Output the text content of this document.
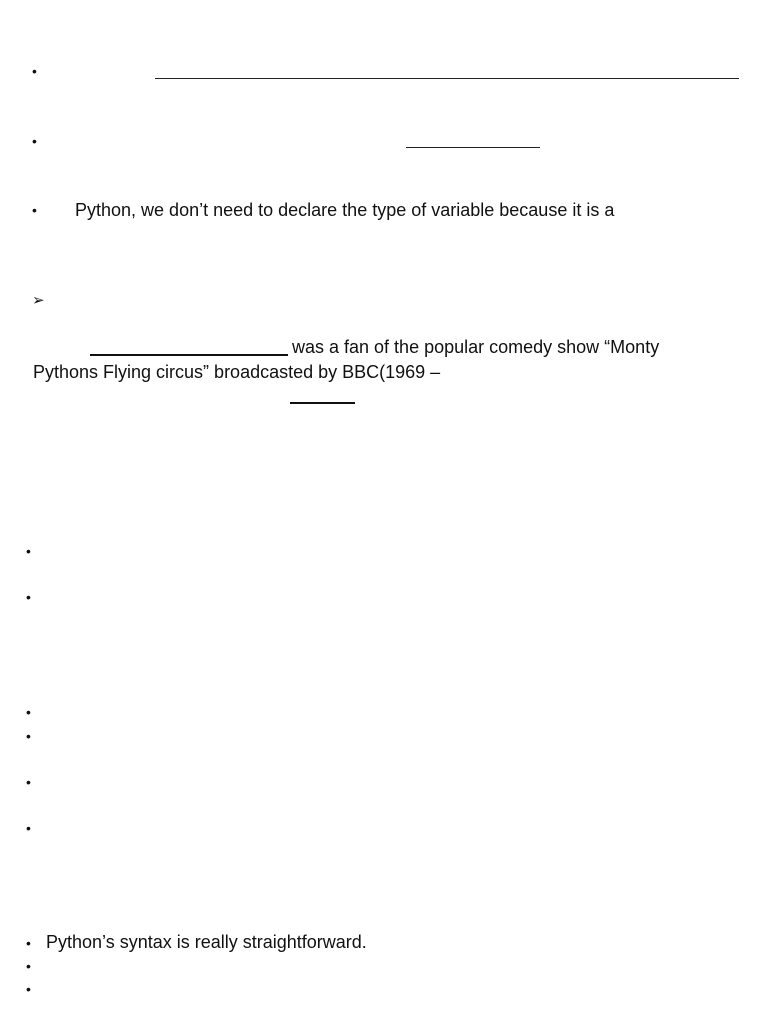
•
•
• Python, we don’t need to declare the type of variable because it is a
➢
was a fan of the popular comedy show “Monty
Pythons Flying circus” broadcasted by BBC(1969 –
•
•
•
•
•
•
• Python’s syntax is really straightforward.
•
•
